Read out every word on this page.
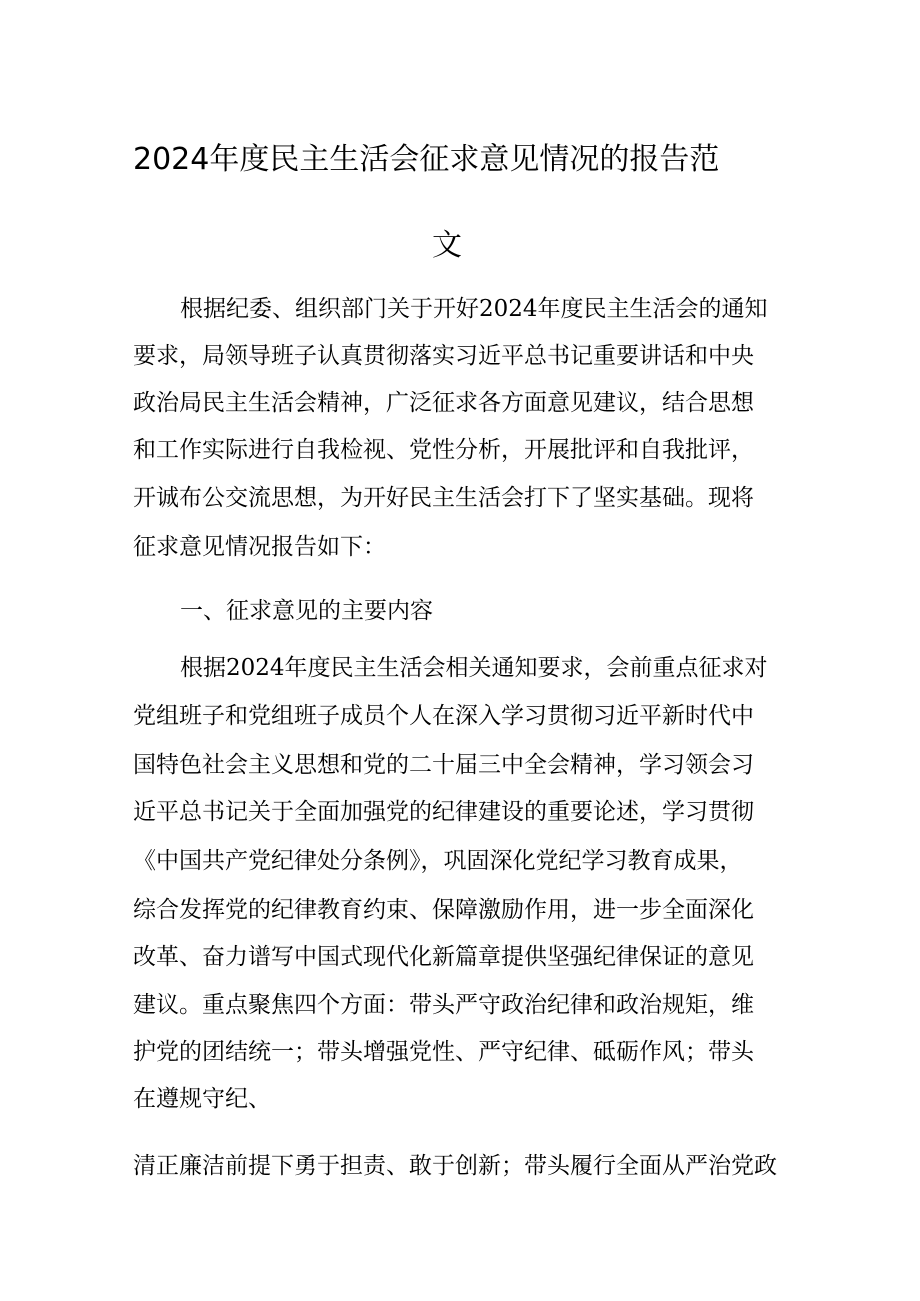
2024年度民主生活会征求意见情况的报告范
文
根据纪委、组织部门关于开好2024年度民主生活会的通知
要求，局领导班子认真贯彻落实习近平总书记重要讲话和中央
政治局民主生活会精神，广泛征求各方面意见建议，结合思想
和工作实际进行自我检视、党性分析，开展批评和自我批评，
开诚布公交流思想，为开好民主生活会打下了坚实基础。现将
征求意见情况报告如下：
一、征求意见的主要内容
根据2024年度民主生活会相关通知要求，会前重点征求对
党组班子和党组班子成员个人在深入学习贯彻习近平新时代中
国特色社会主义思想和党的二十届三中全会精神，学习领会习
近平总书记关于全面加强党的纪律建设的重要论述，学习贯彻
《中国共产党纪律处分条例》，巩固深化党纪学习教育成果，
综合发挥党的纪律教育约束、保障激励作用，进一步全面深化
改革、奋力谱写中国式现代化新篇章提供坚强纪律保证的意见
建议。重点聚焦四个方面：带头严守政治纪律和政治规矩，维
护党的团结统一；带头增强党性、严守纪律、砥砺作风；带头
在遵规守纪、
清正廉洁前提下勇于担责、敢于创新；带头履行全面从严治党政
